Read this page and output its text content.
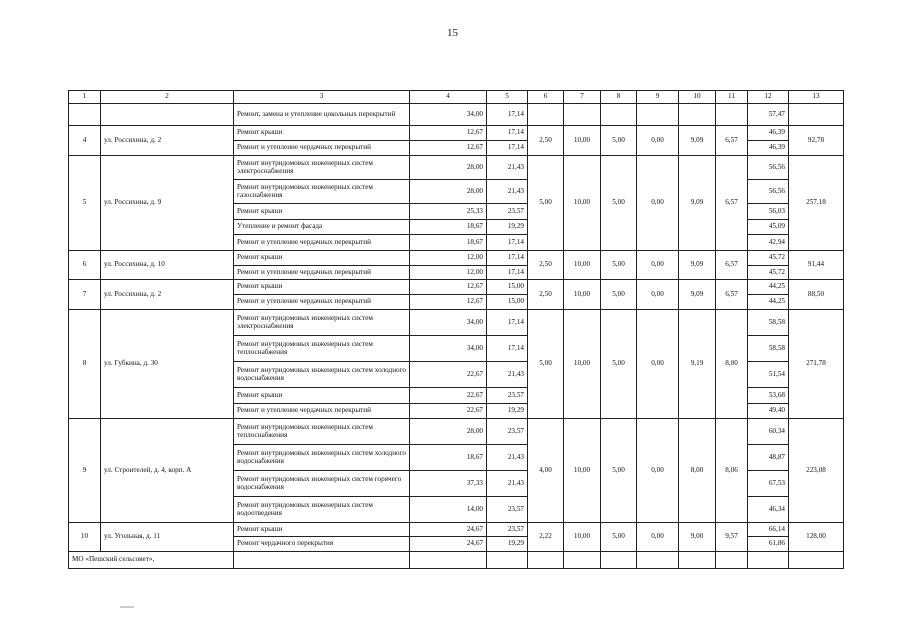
15
1	2	3	4	5	6	7	8	9	10	11	12	13
		Ремонт, замена и утепление цокольных перекрытий	34,00	17,14							57,47	
4	ул. Россихина, д. 2	Ремонт крыши	12,67	17,14	2,50	10,00	5,00	0,00	9,09	6,57	46,39	92,78
		Ремонт и утепление чердачных перекрытий	12,67	17,14							46,39	
5	ул. Россихина, д. 9	Ремонт внутридомовых инженерных систем электроснабжения	28,00	21,43	5,00	10,00	5,00	0,00	9,09	6,57	56,56	257,18
		Ремонт внутридомовых инженерных систем газоснабжения	28,00	21,43							56,56	
		Ремонт крыши	25,33	23,57							56,03	
		Утепление и ремонт фасада	18,67	19,29							45,09	
		Ремонт и утепление чердачных перекрытий	18,67	17,14							42,94	
6	ул. Россихина, д. 10	Ремонт крыши	12,00	17,14	2,50	10,00	5,00	0,00	9,09	6,57	45,72	91,44
		Ремонт и утепление чердачных перекрытий	12,00	17,14							45,72	
7	ул. Россихина, д. 2	Ремонт крыши	12,67	15,00	2,50	10,00	5,00	0,00	9,09	6,57	44,25	88,50
		Ремонт и утепление чердачных перекрытий	12,67	15,00							44,25	
8	ул. Губкина, д. 30	Ремонт внутридомовых инженерных систем электроснабжения	34,00	17,14	5,00	10,00	5,00	0,00	9,19	8,00	58,58	271,78
		Ремонт внутридомовых инженерных систем теплоснабжения	34,00	17,14							58,58	
		Ремонт внутридомовых инженерных систем холодного водоснабжения	22,67	21,43							51,54	
		Ремонт крыши	22,67	23,57							53,68	
		Ремонт и утепление чердачных перекрытий	22,67	19,29							49,40	
9	ул. Строителей, д. 4, корп. А	Ремонт внутридомовых инженерных систем теплоснабжения	28,00	23,57	4,00	10,00	5,00	0,00	8,00	8,06	60,34	223,08
		Ремонт внутридомовых инженерных систем холодного водоснабжения	18,67	21,43							48,87	
		Ремонт внутридомовых инженерных систем горячего водоснабжения	37,33	21,43							67,53	
		Ремонт внутридомовых инженерных систем водоотведения	14,00	23,57							46,34	
10	ул. Угольная, д. 11	Ремонт крыши	24,67	23,57	2,22	10,00	5,00	0,00	9,00	9,57	66,14	128,00
		Ремонт чердачного перекрытия	24,67	19,29							61,86	
МО «Пешский сельсовет»,												
